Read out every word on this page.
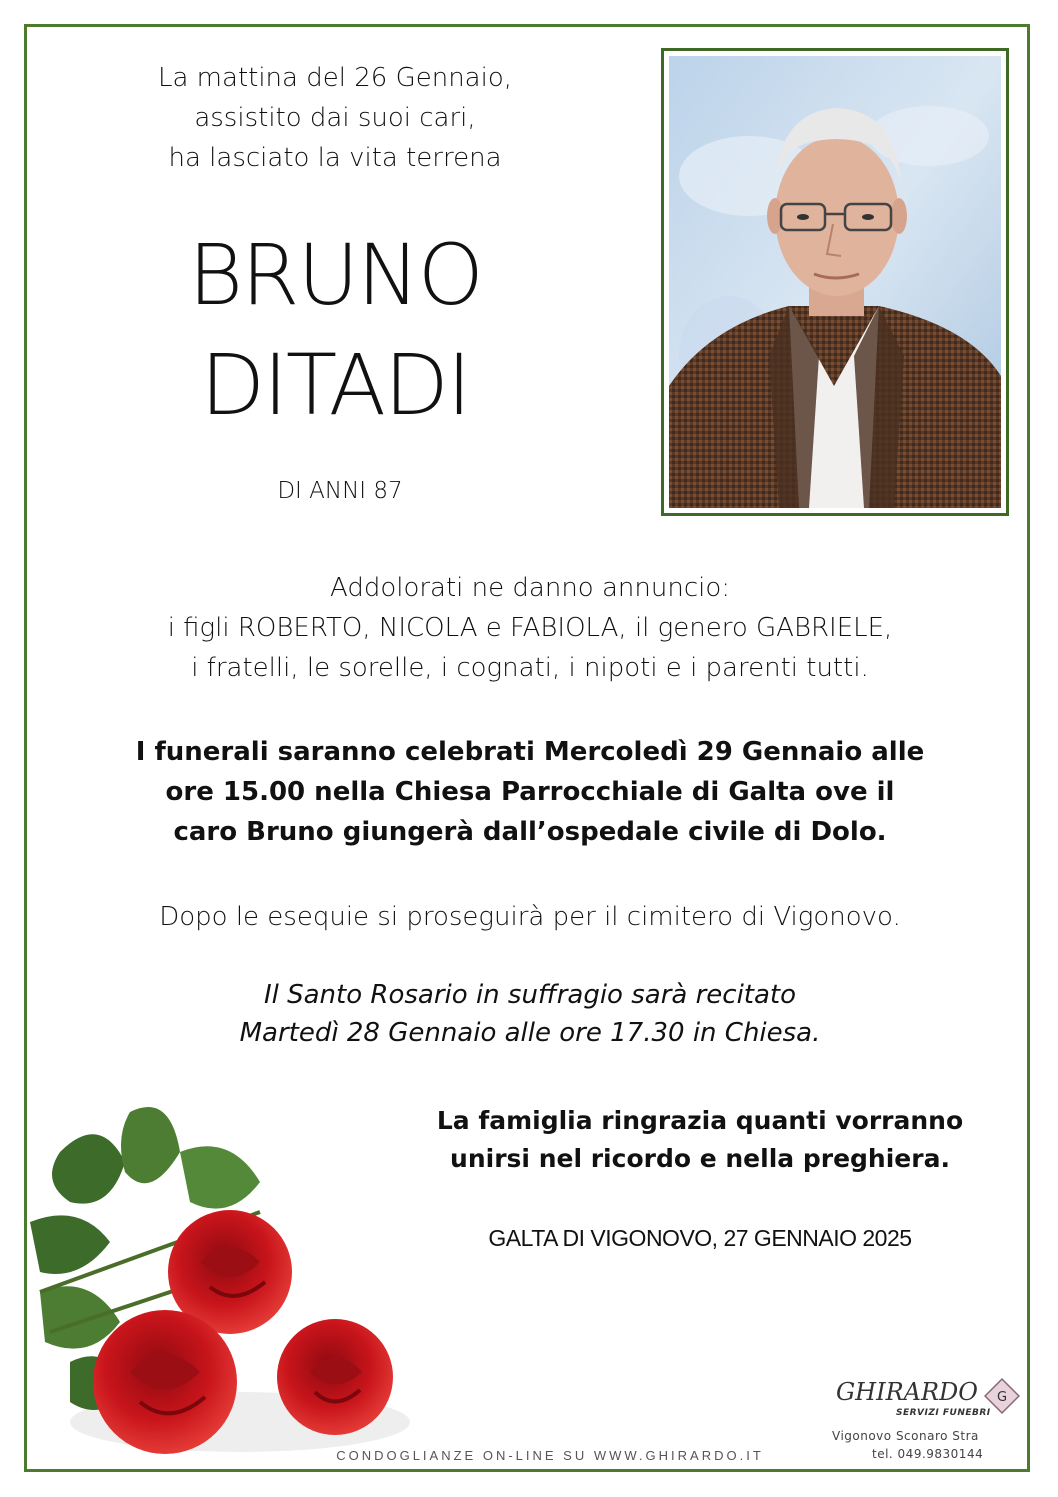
La mattina del 26 Gennaio,
assistito dai suoi cari,
ha lasciato la vita terrena
BRUNO
DITADI
DI ANNI 87
Addolorati ne danno annuncio:
i figli ROBERTO, NICOLA e FABIOLA, il genero GABRIELE,
i fratelli, le sorelle, i cognati, i nipoti e i parenti tutti.
I funerali saranno celebrati Mercoledì 29 Gennaio alle
ore 15.00 nella Chiesa Parrocchiale di Galta ove il
caro Bruno giungerà dall’ospedale civile di Dolo.
Dopo le esequie si proseguirà per il cimitero di Vigonovo.
Il Santo Rosario in suffragio sarà recitato
Martedì 28 Gennaio alle ore 17.30 in Chiesa.
La famiglia ringrazia quanti vorranno
unirsi nel ricordo e nella preghiera.
GALTA DI VIGONOVO, 27 GENNAIO 2025
CONDOGLIANZE ON-LINE SU WWW.GHIRARDO.IT
GHIRARDO
SERVIZI FUNEBRI
G
Vigonovo Sconaro Stra
tel. 049.9830144
